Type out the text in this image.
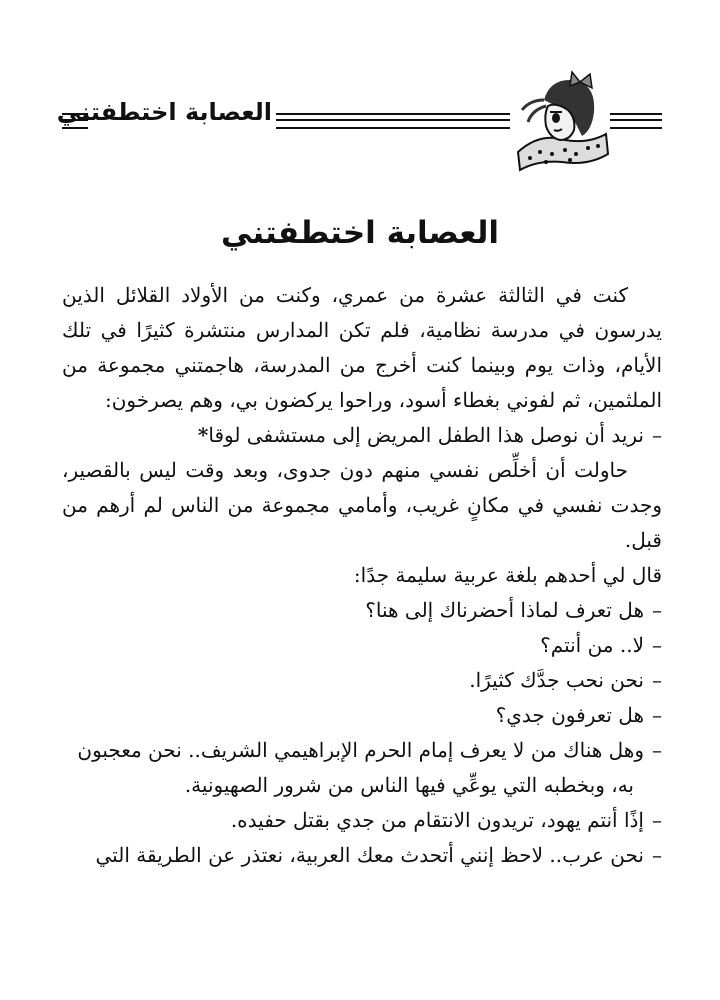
العصابة اختطفتني
العصابة اختطفتني

كنت في الثالثة عشرة من عمري، وكنت من الأولاد القلائل الذين يدرسون في مدرسة نظامية، فلم تكن المدارس منتشرة كثيرًا في تلك الأيام، وذات يوم وبينما كنت أخرج من المدرسة، هاجمتني مجموعة من الملثمين، ثم لفوني بغطاء أسود، وراحوا يركضون بي، وهم يصرخون:

–نريد أن نوصل هذا الطفل المريض إلى مستشفى لوقا*

حاولت أن أخلِّص نفسي منهم دون جدوى، وبعد وقت ليس بالقصير، وجدت نفسي في مكانٍ غريب، وأمامي مجموعة من الناس لم أرهم من قبل.

قال لي أحدهم بلغة عربية سليمة جدًا:

–هل تعرف لماذا أحضرناك إلى هنا؟

–لا.. من أنتم؟

–نحن نحب جدَّك كثيرًا.

–هل تعرفون جدي؟

–وهل هناك من لا يعرف إمام الحرم الإبراهيمي الشريف.. نحن معجبون

به، وبخطبه التي يوعِّي فيها الناس من شرور الصهيونية.

–إذًا أنتم يهود، تريدون الانتقام من جدي بقتل حفيده.

–نحن عرب.. لاحظ إنني أتحدث معك العربية، نعتذر عن الطريقة التي
